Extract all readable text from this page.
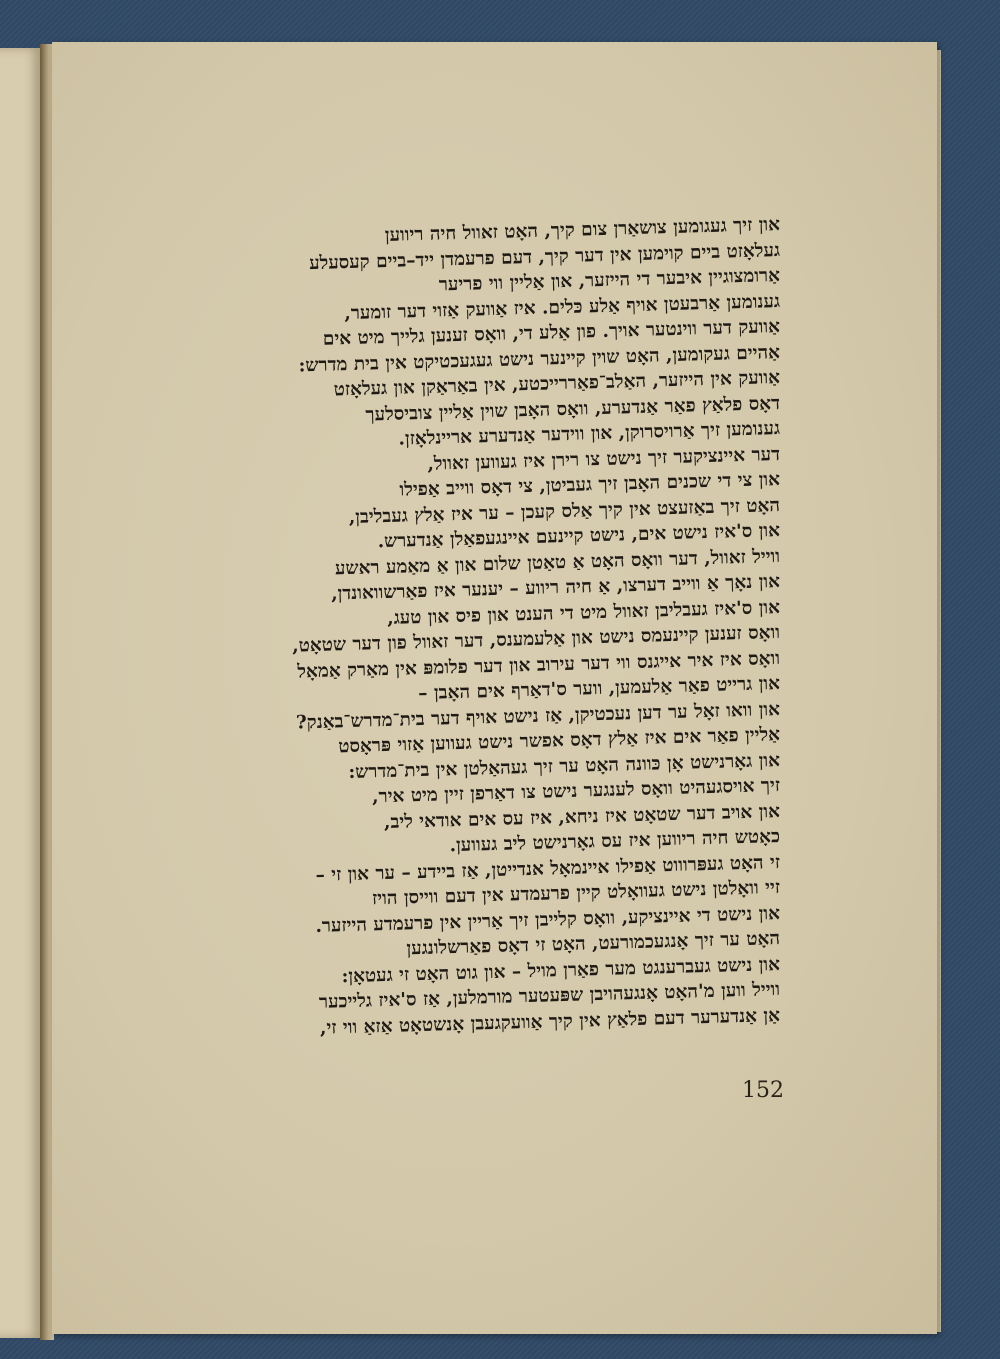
און זיך געגומען צושאַרן צום קיך, האָט זאוול חיה ריווען
געלאָזט ביים קוימען אין דער קיך, דעם פרעמדן ייד–ביים קעסעלע
אַרומצוגיין איבער די הייזער, און אַליין ווי פריער
גענומען אַרבעטן אויף אַלע כּלים. איז אַוועק אַזוי דער זומער,
אַוועק דער ווינטער אויך. פון אַלע די, וואָס זענען גלייך מיט אים
אַהיים געקומען, האָט שוין קיינער נישט געגעכטיקט אין בית מדרש:
אַוועק אין הייזער, האַלב־פאַררייכטע, אין באַראַקן און געלאָזט
דאָס פלאַץ פאַר אַנדערע, וואָס האָבן שוין אַליין צוביסלעך
גענומען זיך אַרויסרוקן, און ווידער אַנדערע אריינלאָזן.
דער איינציקער זיך נישט צו רירן איז געווען זאוול,
און צי די שכנים האָבן זיך געביטן, צי דאָס ווייב אַפילו
האָט זיך באַזעצט אין קיך אַלס קעכן – ער איז אַלץ געבליבן,
און ס'איז נישט אים, נישט קיינעם איינגעפאַלן אַנדערש.
ווייל זאוול, דער וואָס האָט אַ טאַטן שלום און אַ מאַמע ראשע
און נאָך אַ ווייב דערצו, אַ חיה ריווע – יענער איז פאַרשוואונדן,
און ס'איז געבליבן זאוול מיט די הענט און פיס און טעג,
וואָס זענען קיינעמס נישט און אַלעמענס, דער זאוול פון דער שטאָט,
וואָס איז איר אייגנס ווי דער עירוב און דער פלומפּ אין מאַרק אַמאָל
און גרייט פאַר אַלעמען, ווער ס'דאַרף אים האָבן –
און וואו זאָל ער דען נעכטיקן, אַז נישט אויף דער בית־מדרש־באַנק?
אַליין פאַר אים איז אַלץ דאָס אפשר נישט געווען אַזוי פּראָסט
און גאָרנישט אָן כּוונה האָט ער זיך געהאַלטן אין בית־מדרש:
זיך אויסגעהיט וואָס לענגער נישט צו דאַרפן זיין מיט איר,
און אויב דער שטאָט איז ניחא, איז עס אים אודאי ליב,
כאָטש חיה ריווען איז עס גאָרנישט ליב געווען.
זי האָט געפּרוווט אַפילו איינמאָל אנדייטן, אַז ביידע – ער און זי –
זיי וואָלטן נישט געוואָלט קיין פרעמדע אין דעם ווייסן הויז
און נישט די איינציקע, וואָס קלייבן זיך אַריין אין פרעמדע הייזער.
האָט ער זיך אָנגעכמורעט, האָט זי דאָס פאַרשלונגען
און נישט געברענגט מער פאַרן מויל – און גוט האָט זי געטאָן:
ווייל ווען מ'האָט אָנגעהויבן שפּעטער מורמלען, אַז ס'איז גלייכער
אַן אַנדערער דעם פלאַץ אין קיך אַוועקגעבן אָנשטאָט אַזאַ ווי זי,
152
